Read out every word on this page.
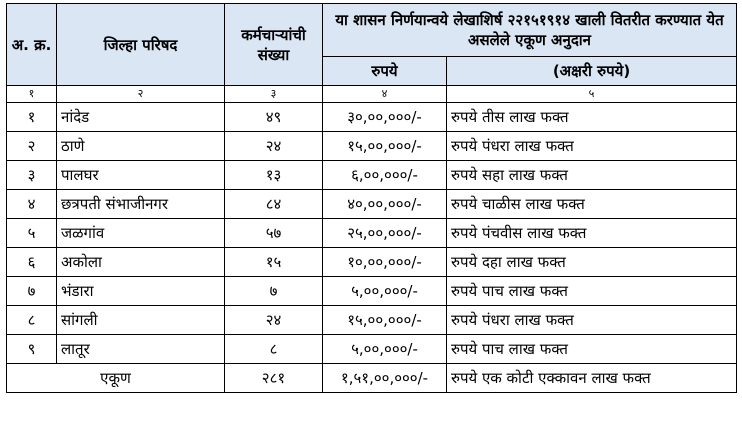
अ. क्र.	जिल्हा परिषद	कर्मचाऱ्यांची संख्या	या शासन निर्णयान्वये लेखाशिर्ष २२१५१९१४ खाली वितरीत करण्यात येत असलेले एकूण अनुदान	
			रुपये	(अक्षरी रुपये)
१	२	३	४	५
१	नांदेड	४९	३०,००,०००/-	रुपये तीस लाख फक्त
२	ठाणे	२४	१५,००,०००/-	रुपये पंधरा लाख फक्त
३	पालघर	१३	६,००,०००/-	रुपये सहा लाख फक्त
४	छत्रपती संभाजीनगर	८४	४०,००,०००/-	रुपये चाळीस लाख फक्त
५	जळगांव	५७	२५,००,०००/-	रुपये पंचवीस लाख फक्त
६	अकोला	१५	१०,००,०००/-	रुपये दहा लाख फक्त
७	भंडारा	७	५,००,०००/-	रुपये पाच लाख फक्त
८	सांगली	२४	१५,००,०००/-	रुपये पंधरा लाख फक्त
९	लातूर	८	५,००,०००/-	रुपये पाच लाख फक्त
एकूण		२८१	१,५१,००,०००/-	रुपये एक कोटी एक्कावन लाख फक्त
